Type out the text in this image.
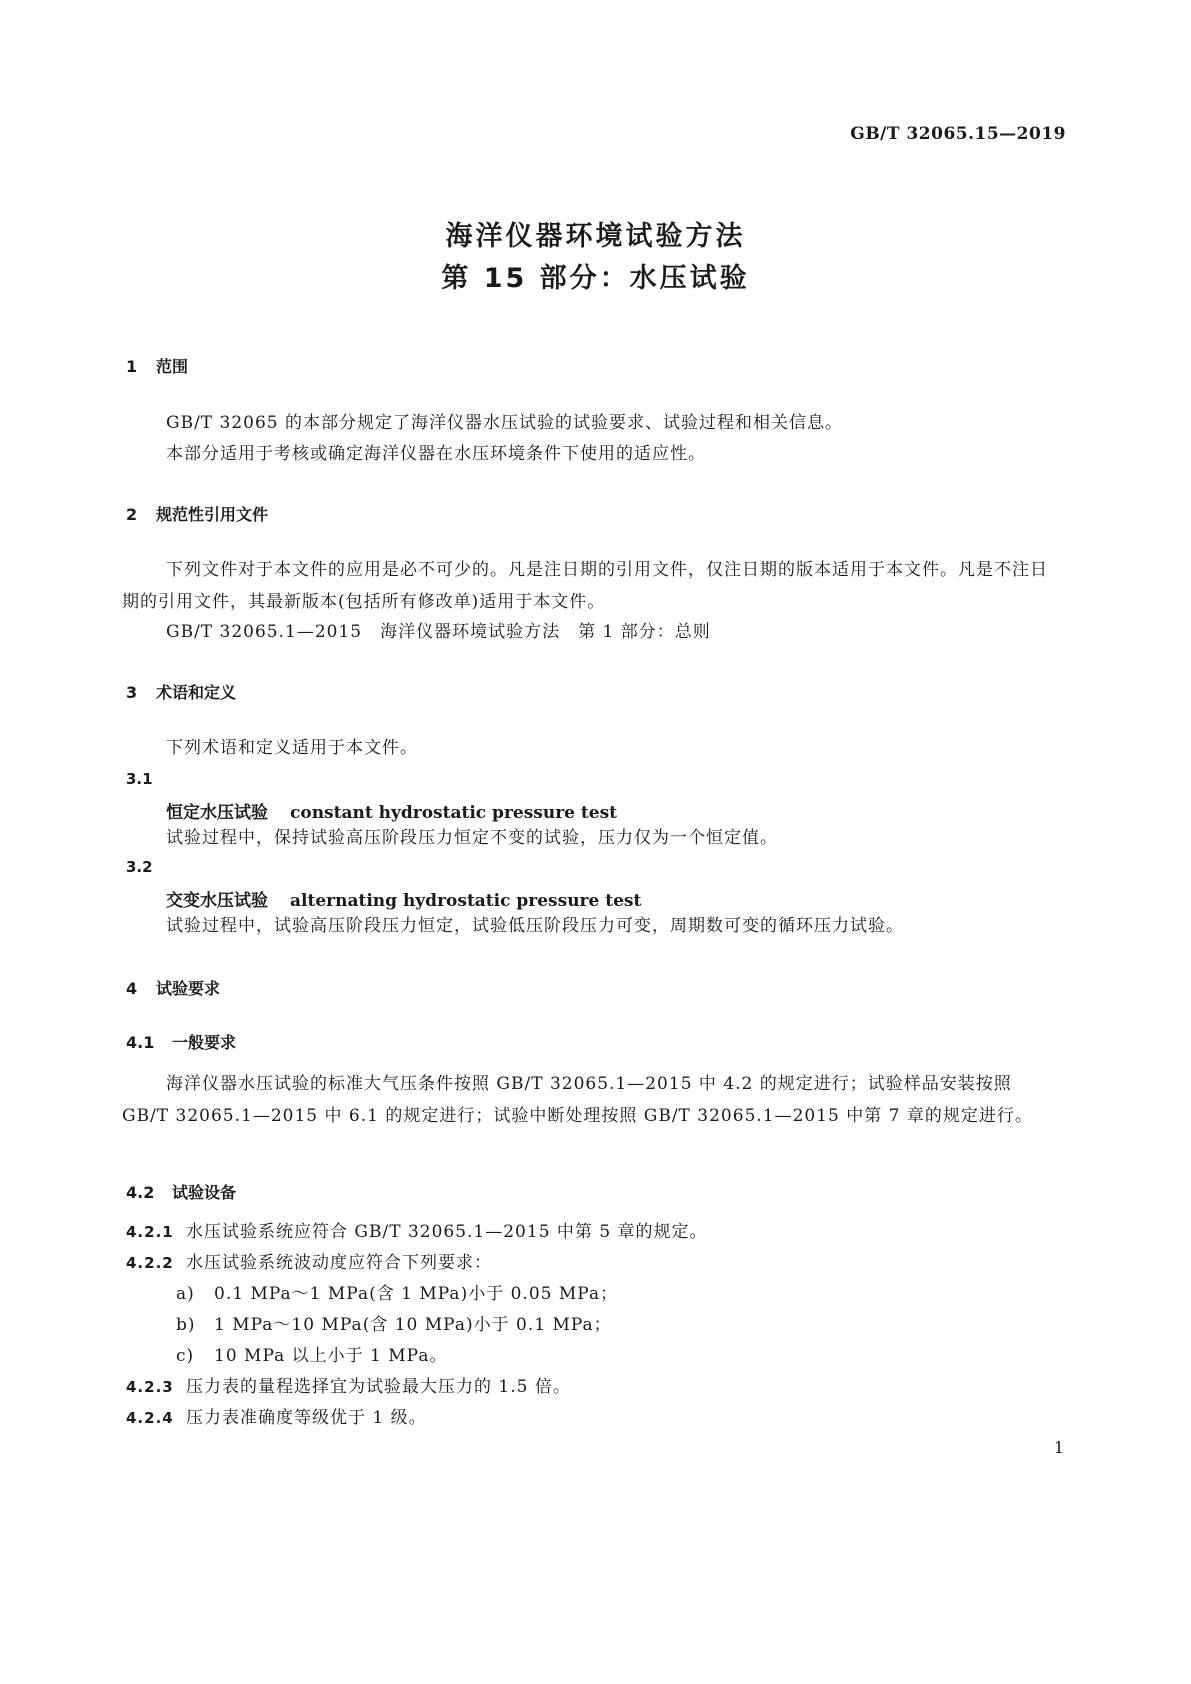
GB/T 32065.15—2019
海洋仪器环境试验方法
第 15 部分：水压试验
1 范围
GB/T 32065 的本部分规定了海洋仪器水压试验的试验要求、试验过程和相关信息。
本部分适用于考核或确定海洋仪器在水压环境条件下使用的适应性。
2 规范性引用文件
下列文件对于本文件的应用是必不可少的。凡是注日期的引用文件，仅注日期的版本适用于本文件。凡是不注日期的引用文件，其最新版本(包括所有修改单)适用于本文件。
GB/T 32065.1—2015　海洋仪器环境试验方法　第 1 部分：总则
3 术语和定义
下列术语和定义适用于本文件。
3.1
恒定水压试验 constant hydrostatic pressure test
试验过程中，保持试验高压阶段压力恒定不变的试验，压力仅为一个恒定值。
3.2
交变水压试验 alternating hydrostatic pressure test
试验过程中，试验高压阶段压力恒定，试验低压阶段压力可变，周期数可变的循环压力试验。
4 试验要求
4.1 一般要求
海洋仪器水压试验的标准大气压条件按照 GB/T 32065.1—2015 中 4.2 的规定进行；试验样品安装按照 GB/T 32065.1—2015 中 6.1 的规定进行；试验中断处理按照 GB/T 32065.1—2015 中第 7 章的规定进行。
4.2 试验设备
4.2.1 水压试验系统应符合 GB/T 32065.1—2015 中第 5 章的规定。
4.2.2 水压试验系统波动度应符合下列要求：
a) 0.1 MPa～1 MPa(含 1 MPa)小于 0.05 MPa；
b) 1 MPa～10 MPa(含 10 MPa)小于 0.1 MPa；
c) 10 MPa 以上小于 1 MPa。
4.2.3 压力表的量程选择宜为试验最大压力的 1.5 倍。
4.2.4 压力表准确度等级优于 1 级。
1
